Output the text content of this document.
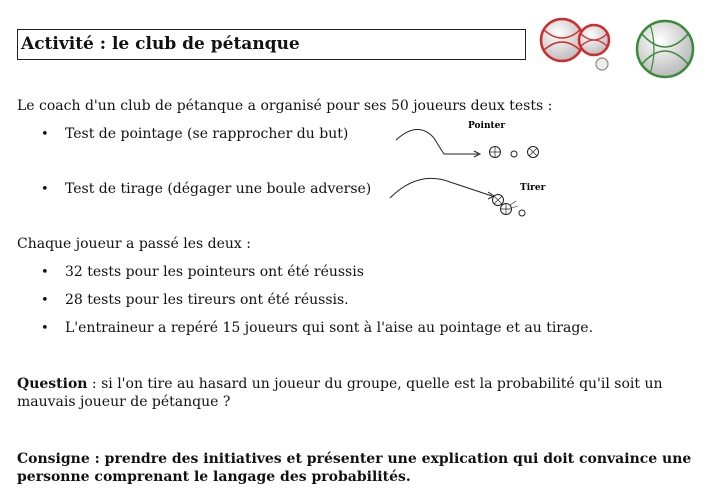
Activité : le club de pétanque
Le coach d'un club de pétanque a organisé pour ses 50 joueurs deux tests :
• Test de pointage (se rapprocher du but)	Pointer
• Test de tirage (dégager une boule adverse)	Tirer
Chaque joueur a passé les deux :
• 32 tests pour les pointeurs ont été réussis
• 28 tests pour les tireurs ont été réussis.
• L'entraineur a repéré 15 joueurs qui sont à l'aise au pointage et au tirage.
Question : si l'on tire au hasard un joueur du groupe, quelle est la probabilité qu'il soit un mauvais joueur de pétanque ?
Consigne : prendre des initiatives et présenter une explication qui doit convaince une personne comprenant le langage des probabilités.
